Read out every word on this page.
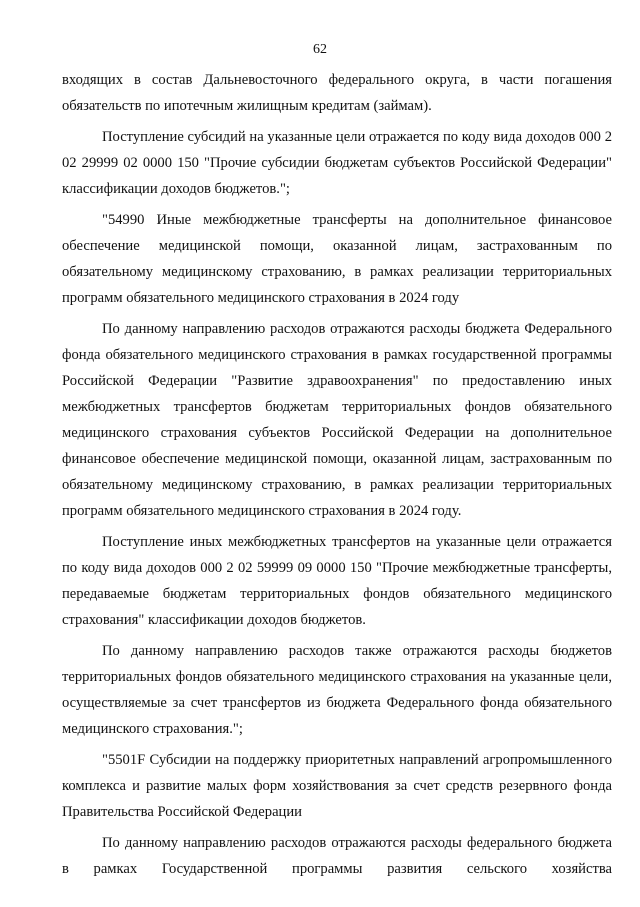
62

входящих в состав Дальневосточного федерального округа, в части погашения обязательств по ипотечным жилищным кредитам (займам).

Поступление субсидий на указанные цели отражается по коду вида доходов 000 2 02 29999 02 0000 150 "Прочие субсидии бюджетам субъектов Российской Федерации" классификации доходов бюджетов.";

"54990 Иные межбюджетные трансферты на дополнительное финансовое обеспечение медицинской помощи, оказанной лицам, застрахованным по обязательному медицинскому страхованию, в рамках реализации территориальных программ обязательного медицинского страхования в 2024 году

По данному направлению расходов отражаются расходы бюджета Федерального фонда обязательного медицинского страхования в рамках государственной программы Российской Федерации "Развитие здравоохранения" по предоставлению иных межбюджетных трансфертов бюджетам территориальных фондов обязательного медицинского страхования субъектов Российской Федерации на дополнительное финансовое обеспечение медицинской помощи, оказанной лицам, застрахованным по обязательному медицинскому страхованию, в рамках реализации территориальных программ обязательного медицинского страхования в 2024 году.

Поступление иных межбюджетных трансфертов на указанные цели отражается по коду вида доходов 000 2 02 59999 09 0000 150 "Прочие межбюджетные трансферты, передаваемые бюджетам территориальных фондов обязательного медицинского страхования" классификации доходов бюджетов.

По данному направлению расходов также отражаются расходы бюджетов территориальных фондов обязательного медицинского страхования на указанные цели, осуществляемые за счет трансфертов из бюджета Федерального фонда обязательного медицинского страхования.";

"5501F Субсидии на поддержку приоритетных направлений агропромышленного комплекса и развитие малых форм хозяйствования за счет средств резервного фонда Правительства Российской Федерации

По данному направлению расходов отражаются расходы федерального бюджета в рамках Государственной программы развития сельского хозяйства
